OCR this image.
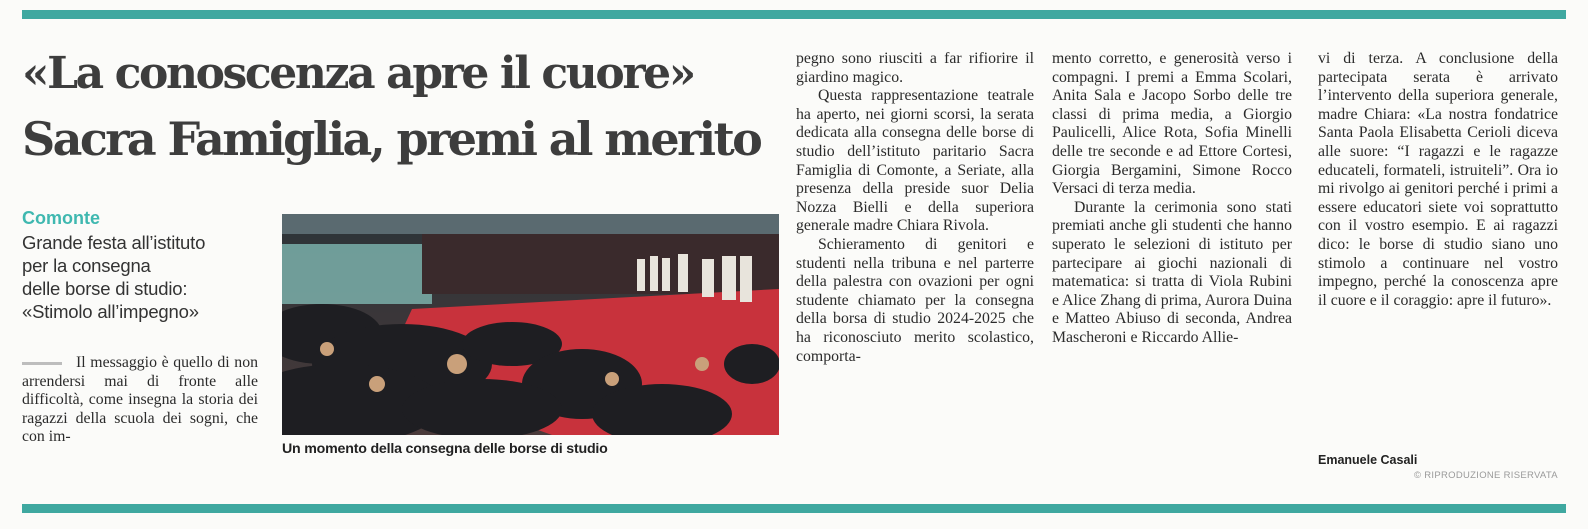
«La conoscenza apre il cuore»
Sacra Famiglia, premi al merito

Comonte

Grande festa all’istituto

per la consegna

delle borse di studio:

«Stimolo all’impegno»

Il messaggio è quello di non arrendersi mai di fronte alle difficoltà, come insegna la storia dei ragazzi della scuola dei sogni, che con im-

Un momento della consegna delle borse di studio

pegno sono riusciti a far rifiorire il giardino magico.

Questa rappresentazione teatrale ha aperto, nei giorni scorsi, la serata dedicata alla consegna delle borse di studio dell’istituto paritario Sacra Famiglia di Comonte, a Seriate, alla presenza della preside suor Delia Nozza Bielli e della superiora generale madre Chiara Rivola.

Schieramento di genitori e studenti nella tribuna e nel parterre della palestra con ovazioni per ogni studente chiamato per la consegna della borsa di studio 2024-2025 che ha riconosciuto merito scolastico, comporta-

mento corretto, e generosità verso i compagni. I premi a Emma Scolari, Anita Sala e Jacopo Sorbo delle tre classi di prima media, a Giorgio Paulicelli, Alice Rota, Sofia Minelli delle tre seconde e ad Ettore Cortesi, Giorgia Bergamini, Simone Rocco Versaci di terza media.

Durante la cerimonia sono stati premiati anche gli studenti che hanno superato le selezioni di istituto per partecipare ai giochi nazionali di matematica: si tratta di Viola Rubini e Alice Zhang di prima, Aurora Duina e Matteo Abiuso di seconda, Andrea Mascheroni e Riccardo Allie-

vi di terza. A conclusione della partecipata serata è arrivato l’intervento della superiora generale, madre Chiara: «La nostra fondatrice Santa Paola Elisabetta Cerioli diceva alle suore: “I ragazzi e le ragazze educateli, formateli, istruiteli”. Ora io mi rivolgo ai genitori perché i primi a essere educatori siete voi soprattutto con il vostro esempio. E ai ragazzi dico: le borse di studio siano uno stimolo a continuare nel vostro impegno, perché la conoscenza apre il cuore e il coraggio: apre il futuro».

Emanuele Casali

© RIPRODUZIONE RISERVATA
